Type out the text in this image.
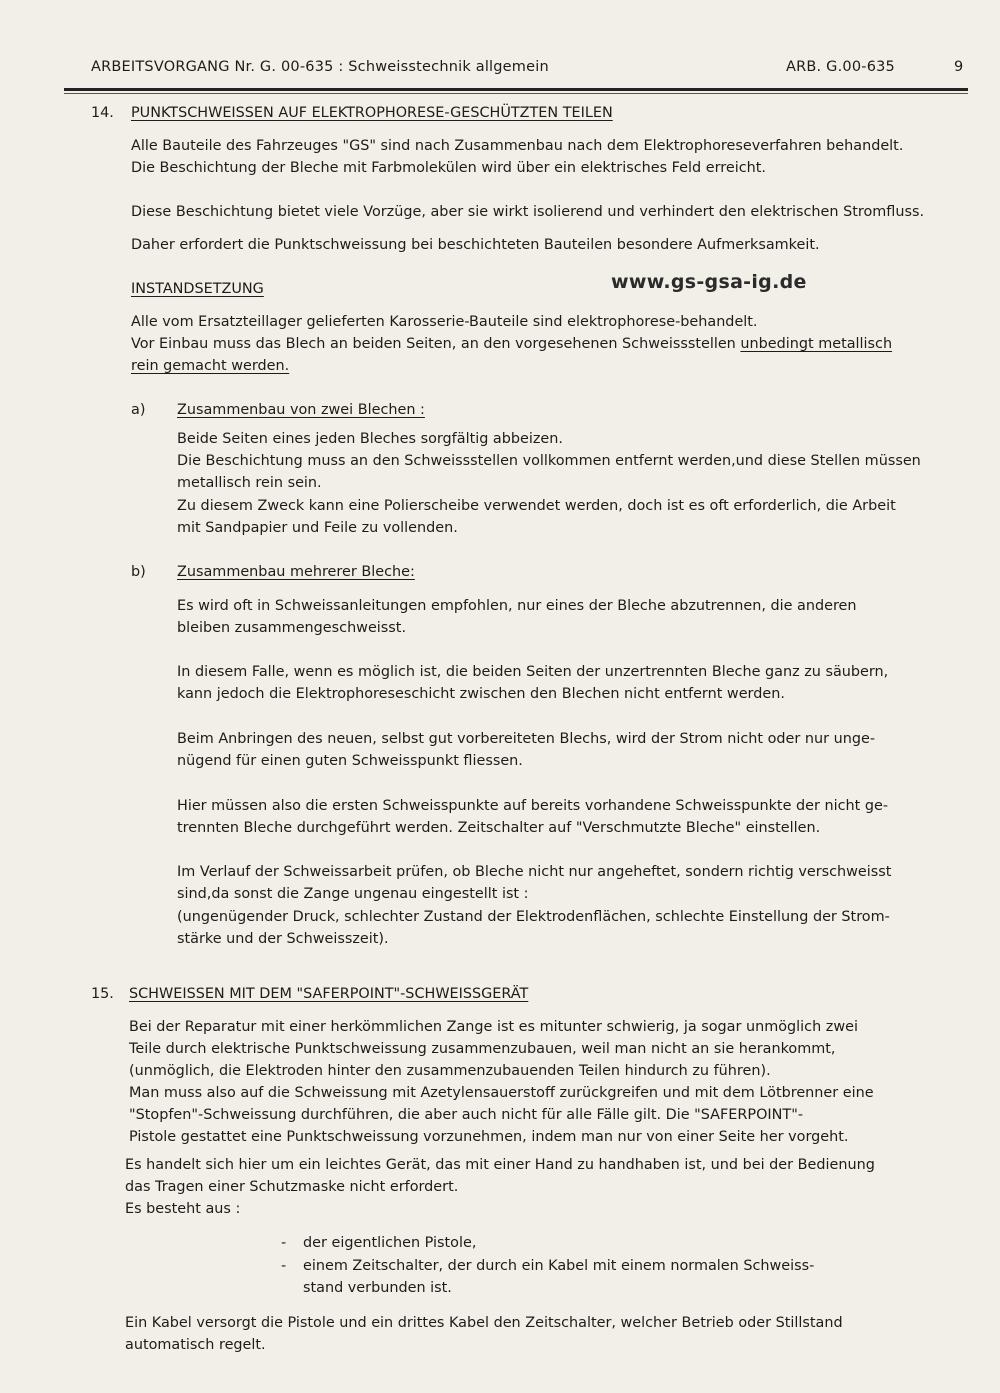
ARBEITSVORGANG Nr. G. 00-635 : Schweisstechnik allgemein	ARB. G.00-635	9
14. PUNKTSCHWEISSEN AUF ELEKTROPHORESE-GESCHÜTZTEN TEILEN
Alle Bauteile des Fahrzeuges "GS" sind nach Zusammenbau nach dem Elektrophoreseverfahren behandelt.
Die Beschichtung der Bleche mit Farbmolekülen wird über ein elektrisches Feld erreicht.
Diese Beschichtung bietet viele Vorzüge, aber sie wirkt isolierend und verhindert den elektrischen Stromfluss.
Daher erfordert die Punktschweissung bei beschichteten Bauteilen besondere Aufmerksamkeit.
www.gs-gsa-ig.de
INSTANDSETZUNG
Alle vom Ersatzteillager gelieferten Karosserie-Bauteile sind elektrophorese-behandelt.
Vor Einbau muss das Blech an beiden Seiten, an den vorgesehenen Schweissstellen unbedingt metallisch
rein gemacht werden.
a) Zusammenbau von zwei Blechen :
Beide Seiten eines jeden Bleches sorgfältig abbeizen.
Die Beschichtung muss an den Schweissstellen vollkommen entfernt werden,und diese Stellen müssen
metallisch rein sein.
Zu diesem Zweck kann eine Polierscheibe verwendet werden, doch ist es oft erforderlich, die Arbeit
mit Sandpapier und Feile zu vollenden.
b) Zusammenbau mehrerer Bleche:
Es wird oft in Schweissanleitungen empfohlen, nur eines der Bleche abzutrennen, die anderen
bleiben zusammengeschweisst.
In diesem Falle, wenn es möglich ist, die beiden Seiten der unzertrennten Bleche ganz zu säubern,
kann jedoch die Elektrophoreseschicht zwischen den Blechen nicht entfernt werden.
Beim Anbringen des neuen, selbst gut vorbereiteten Blechs, wird der Strom nicht oder nur unge-
nügend für einen guten Schweisspunkt fliessen.
Hier müssen also die ersten Schweisspunkte auf bereits vorhandene Schweisspunkte der nicht ge-
trennten Bleche durchgeführt werden. Zeitschalter auf "Verschmutzte Bleche" einstellen.
Im Verlauf der Schweissarbeit prüfen, ob Bleche nicht nur angeheftet, sondern richtig verschweisst
sind,da sonst die Zange ungenau eingestellt ist :
(ungenügender Druck, schlechter Zustand der Elektrodenflächen, schlechte Einstellung der Strom-
stärke und der Schweisszeit).
15. SCHWEISSEN MIT DEM "SAFERPOINT"-SCHWEISSGERÄT
Bei der Reparatur mit einer herkömmlichen Zange ist es mitunter schwierig, ja sogar unmöglich zwei
Teile durch elektrische Punktschweissung zusammenzubauen, weil man nicht an sie herankommt,
(unmöglich, die Elektroden hinter den zusammenzubauenden Teilen hindurch zu führen).
Man muss also auf die Schweissung mit Azetylensauerstoff zurückgreifen und mit dem Lötbrenner eine
"Stopfen"-Schweissung durchführen, die aber auch nicht für alle Fälle gilt. Die "SAFERPOINT"-
Pistole gestattet eine Punktschweissung vorzunehmen, indem man nur von einer Seite her vorgeht.
Es handelt sich hier um ein leichtes Gerät, das mit einer Hand zu handhaben ist, und bei der Bedienung
das Tragen einer Schutzmaske nicht erfordert.
Es besteht aus :
- der eigentlichen Pistole,
- einem Zeitschalter, der durch ein Kabel mit einem normalen Schweiss-
stand verbunden ist.
Ein Kabel versorgt die Pistole und ein drittes Kabel den Zeitschalter, welcher Betrieb oder Stillstand
automatisch regelt.
